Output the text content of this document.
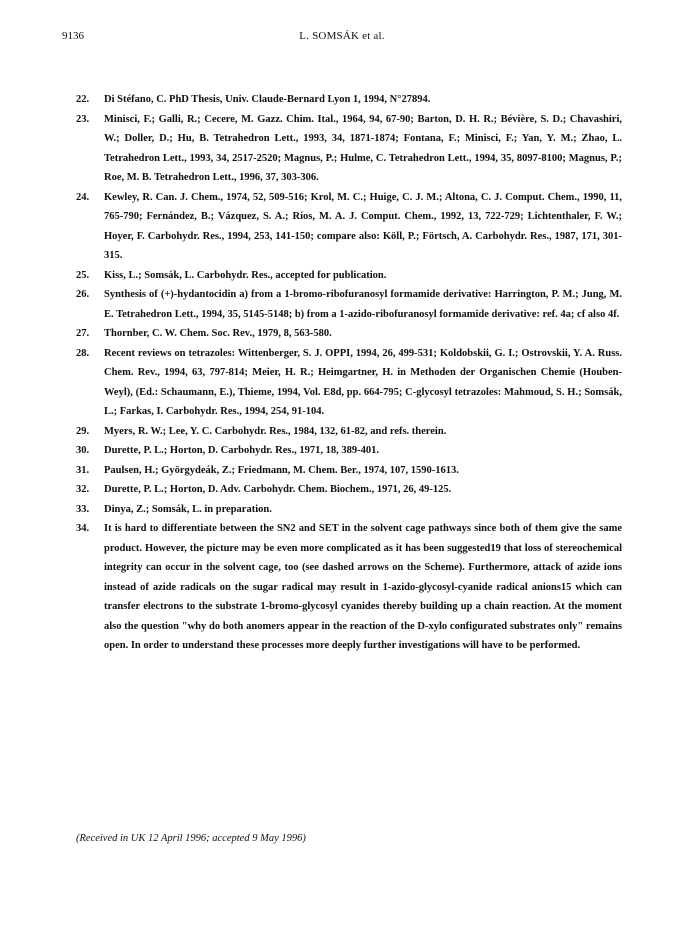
9136	L. SOMSÁK et al.
22.	Di Stéfano, C. PhD Thesis, Univ. Claude-Bernard Lyon 1, 1994, N°27894.
23.	Minisci, F.; Galli, R.; Cecere, M. Gazz. Chim. Ital., 1964, 94, 67-90; Barton, D. H. R.; Bévière, S. D.; Chavashiri, W.; Doller, D.; Hu, B. Tetrahedron Lett., 1993, 34, 1871-1874; Fontana, F.; Minisci, F.; Yan, Y. M.; Zhao, L. Tetrahedron Lett., 1993, 34, 2517-2520; Magnus, P.; Hulme, C. Tetrahedron Lett., 1994, 35, 8097-8100; Magnus, P.; Roe, M. B. Tetrahedron Lett., 1996, 37, 303-306.
24.	Kewley, R. Can. J. Chem., 1974, 52, 509-516; Krol, M. C.; Huige, C. J. M.; Altona, C. J. Comput. Chem., 1990, 11, 765-790; Fernández, B.; Vázquez, S. A.; Ríos, M. A. J. Comput. Chem., 1992, 13, 722-729; Lichtenthaler, F. W.; Hoyer, F. Carbohydr. Res., 1994, 253, 141-150; compare also: Köll, P.; Förtsch, A. Carbohydr. Res., 1987, 171, 301-315.
25.	Kiss, L.; Somsák, L. Carbohydr. Res., accepted for publication.
26.	Synthesis of (+)-hydantocidin a) from a 1-bromo-ribofuranosyl formamide derivative: Harrington, P. M.; Jung, M. E. Tetrahedron Lett., 1994, 35, 5145-5148; b) from a 1-azido-ribofuranosyl formamide derivative: ref. 4a; cf also 4f.
27.	Thornber, C. W. Chem. Soc. Rev., 1979, 8, 563-580.
28.	Recent reviews on tetrazoles: Wittenberger, S. J. OPPI, 1994, 26, 499-531; Koldobskii, G. I.; Ostrovskii, Y. A. Russ. Chem. Rev., 1994, 63, 797-814; Meier, H. R.; Heimgartner, H. in Methoden der Organischen Chemie (Houben-Weyl), (Ed.: Schaumann, E.), Thieme, 1994, Vol. E8d, pp. 664-795; C-glycosyl tetrazoles: Mahmoud, S. H.; Somsák, L.; Farkas, I. Carbohydr. Res., 1994, 254, 91-104.
29.	Myers, R. W.; Lee, Y. C. Carbohydr. Res., 1984, 132, 61-82, and refs. therein.
30.	Durette, P. L.; Horton, D. Carbohydr. Res., 1971, 18, 389-401.
31.	Paulsen, H.; Györgydeák, Z.; Friedmann, M. Chem. Ber., 1974, 107, 1590-1613.
32.	Durette, P. L.; Horton, D. Adv. Carbohydr. Chem. Biochem., 1971, 26, 49-125.
33.	Dinya, Z.; Somsák, L. in preparation.
34.	It is hard to differentiate between the SN2 and SET in the solvent cage pathways since both of them give the same product. However, the picture may be even more complicated as it has been suggested19 that loss of stereochemical integrity can occur in the solvent cage, too (see dashed arrows on the Scheme). Furthermore, attack of azide ions instead of azide radicals on the sugar radical may result in 1-azido-glycosyl-cyanide radical anions15 which can transfer electrons to the substrate 1-bromo-glycosyl cyanides thereby building up a chain reaction. At the moment also the question "why do both anomers appear in the reaction of the D-xylo configurated substrates only" remains open. In order to understand these processes more deeply further investigations will have to be performed.
(Received in UK 12 April 1996; accepted 9 May 1996)
